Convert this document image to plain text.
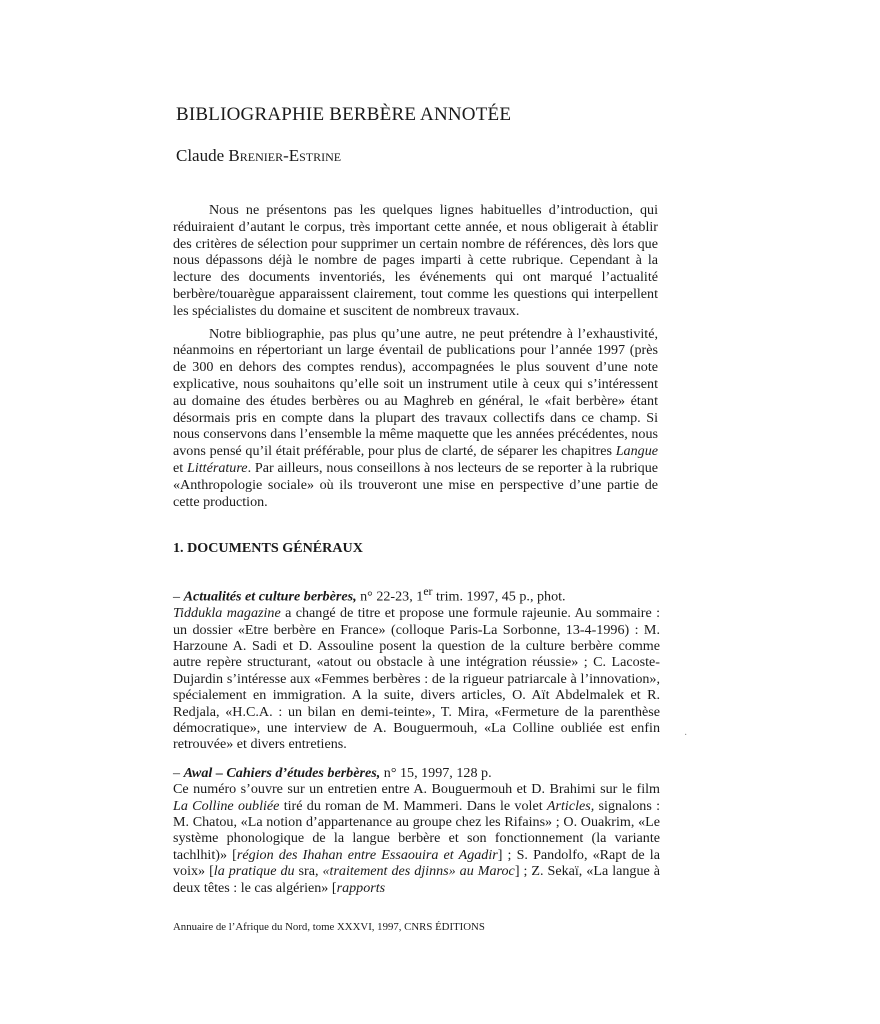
BIBLIOGRAPHIE BERBÈRE ANNOTÉE

Claude Brenier-Estrine

Nous ne présentons pas les quelques lignes habituelles d’introduction, qui réduiraient d’autant le corpus, très important cette année, et nous obligerait à établir des critères de sélection pour supprimer un certain nombre de références, dès lors que nous dépassons déjà le nombre de pages imparti à cette rubrique. Cependant à la lecture des documents inventoriés, les événements qui ont marqué l’actualité berbère/touarègue apparaissent clairement, tout comme les questions qui interpellent les spécialistes du domaine et suscitent de nombreux travaux.

Notre bibliographie, pas plus qu’une autre, ne peut prétendre à l’exhaustivité, néanmoins en répertoriant un large éventail de publications pour l’année 1997 (près de 300 en dehors des comptes rendus), accompagnées le plus souvent d’une note explicative, nous souhaitons qu’elle soit un instrument utile à ceux qui s’intéressent au domaine des études berbères ou au Maghreb en général, le «fait berbère» étant désormais pris en compte dans la plupart des travaux collectifs dans ce champ. Si nous conservons dans l’ensemble la même maquette que les années précédentes, nous avons pensé qu’il était préférable, pour plus de clarté, de séparer les chapitres Langue et Littérature. Par ailleurs, nous conseillons à nos lecteurs de se reporter à la rubrique «Anthropologie sociale» où ils trouveront une mise en perspective d’une partie de cette production.

1. DOCUMENTS GÉNÉRAUX
– Actualités et culture berbères, n° 22-23, 1er trim. 1997, 45 p., phot.
Tiddukla magazine a changé de titre et propose une formule rajeunie. Au sommaire : un dossier «Etre berbère en France» (colloque Paris-La Sorbonne, 13-4-1996) : M. Harzoune A. Sadi et D. Assouline posent la question de la culture berbère comme autre repère structurant, «atout ou obstacle à une intégration réussie» ; C. Lacoste-Dujardin s’intéresse aux «Femmes berbères : de la rigueur patriarcale à l’innovation», spécialement en immigration. A la suite, divers articles, O. Aït Abdelmalek et R. Redjala, «H.C.A. : un bilan en demi-teinte», T. Mira, «Fermeture de la parenthèse démocratique», une interview de A. Bouguermouh, «La Colline oubliée est enfin retrouvée» et divers entretiens.
– Awal – Cahiers d’études berbères, n° 15, 1997, 128 p.
Ce numéro s’ouvre sur un entretien entre A. Bouguermouh et D. Brahimi sur le film La Colline oubliée tiré du roman de M. Mammeri. Dans le volet Articles, signalons : M. Chatou, «La notion d’appartenance au groupe chez les Rifains» ; O. Ouakrim, «Le système phonologique de la langue berbère et son fonctionnement (la variante tachlhit)» [région des Ihahan entre Essaouira et Agadir] ; S. Pandolfo, «Rapt de la voix» [la pratique du sra, «traitement des djinns» au Maroc] ; Z. Sekaï, «La langue à deux têtes : le cas algérien» [rapports
·

Annuaire de l’Afrique du Nord, tome XXXVI, 1997, CNRS ÉDITIONS
